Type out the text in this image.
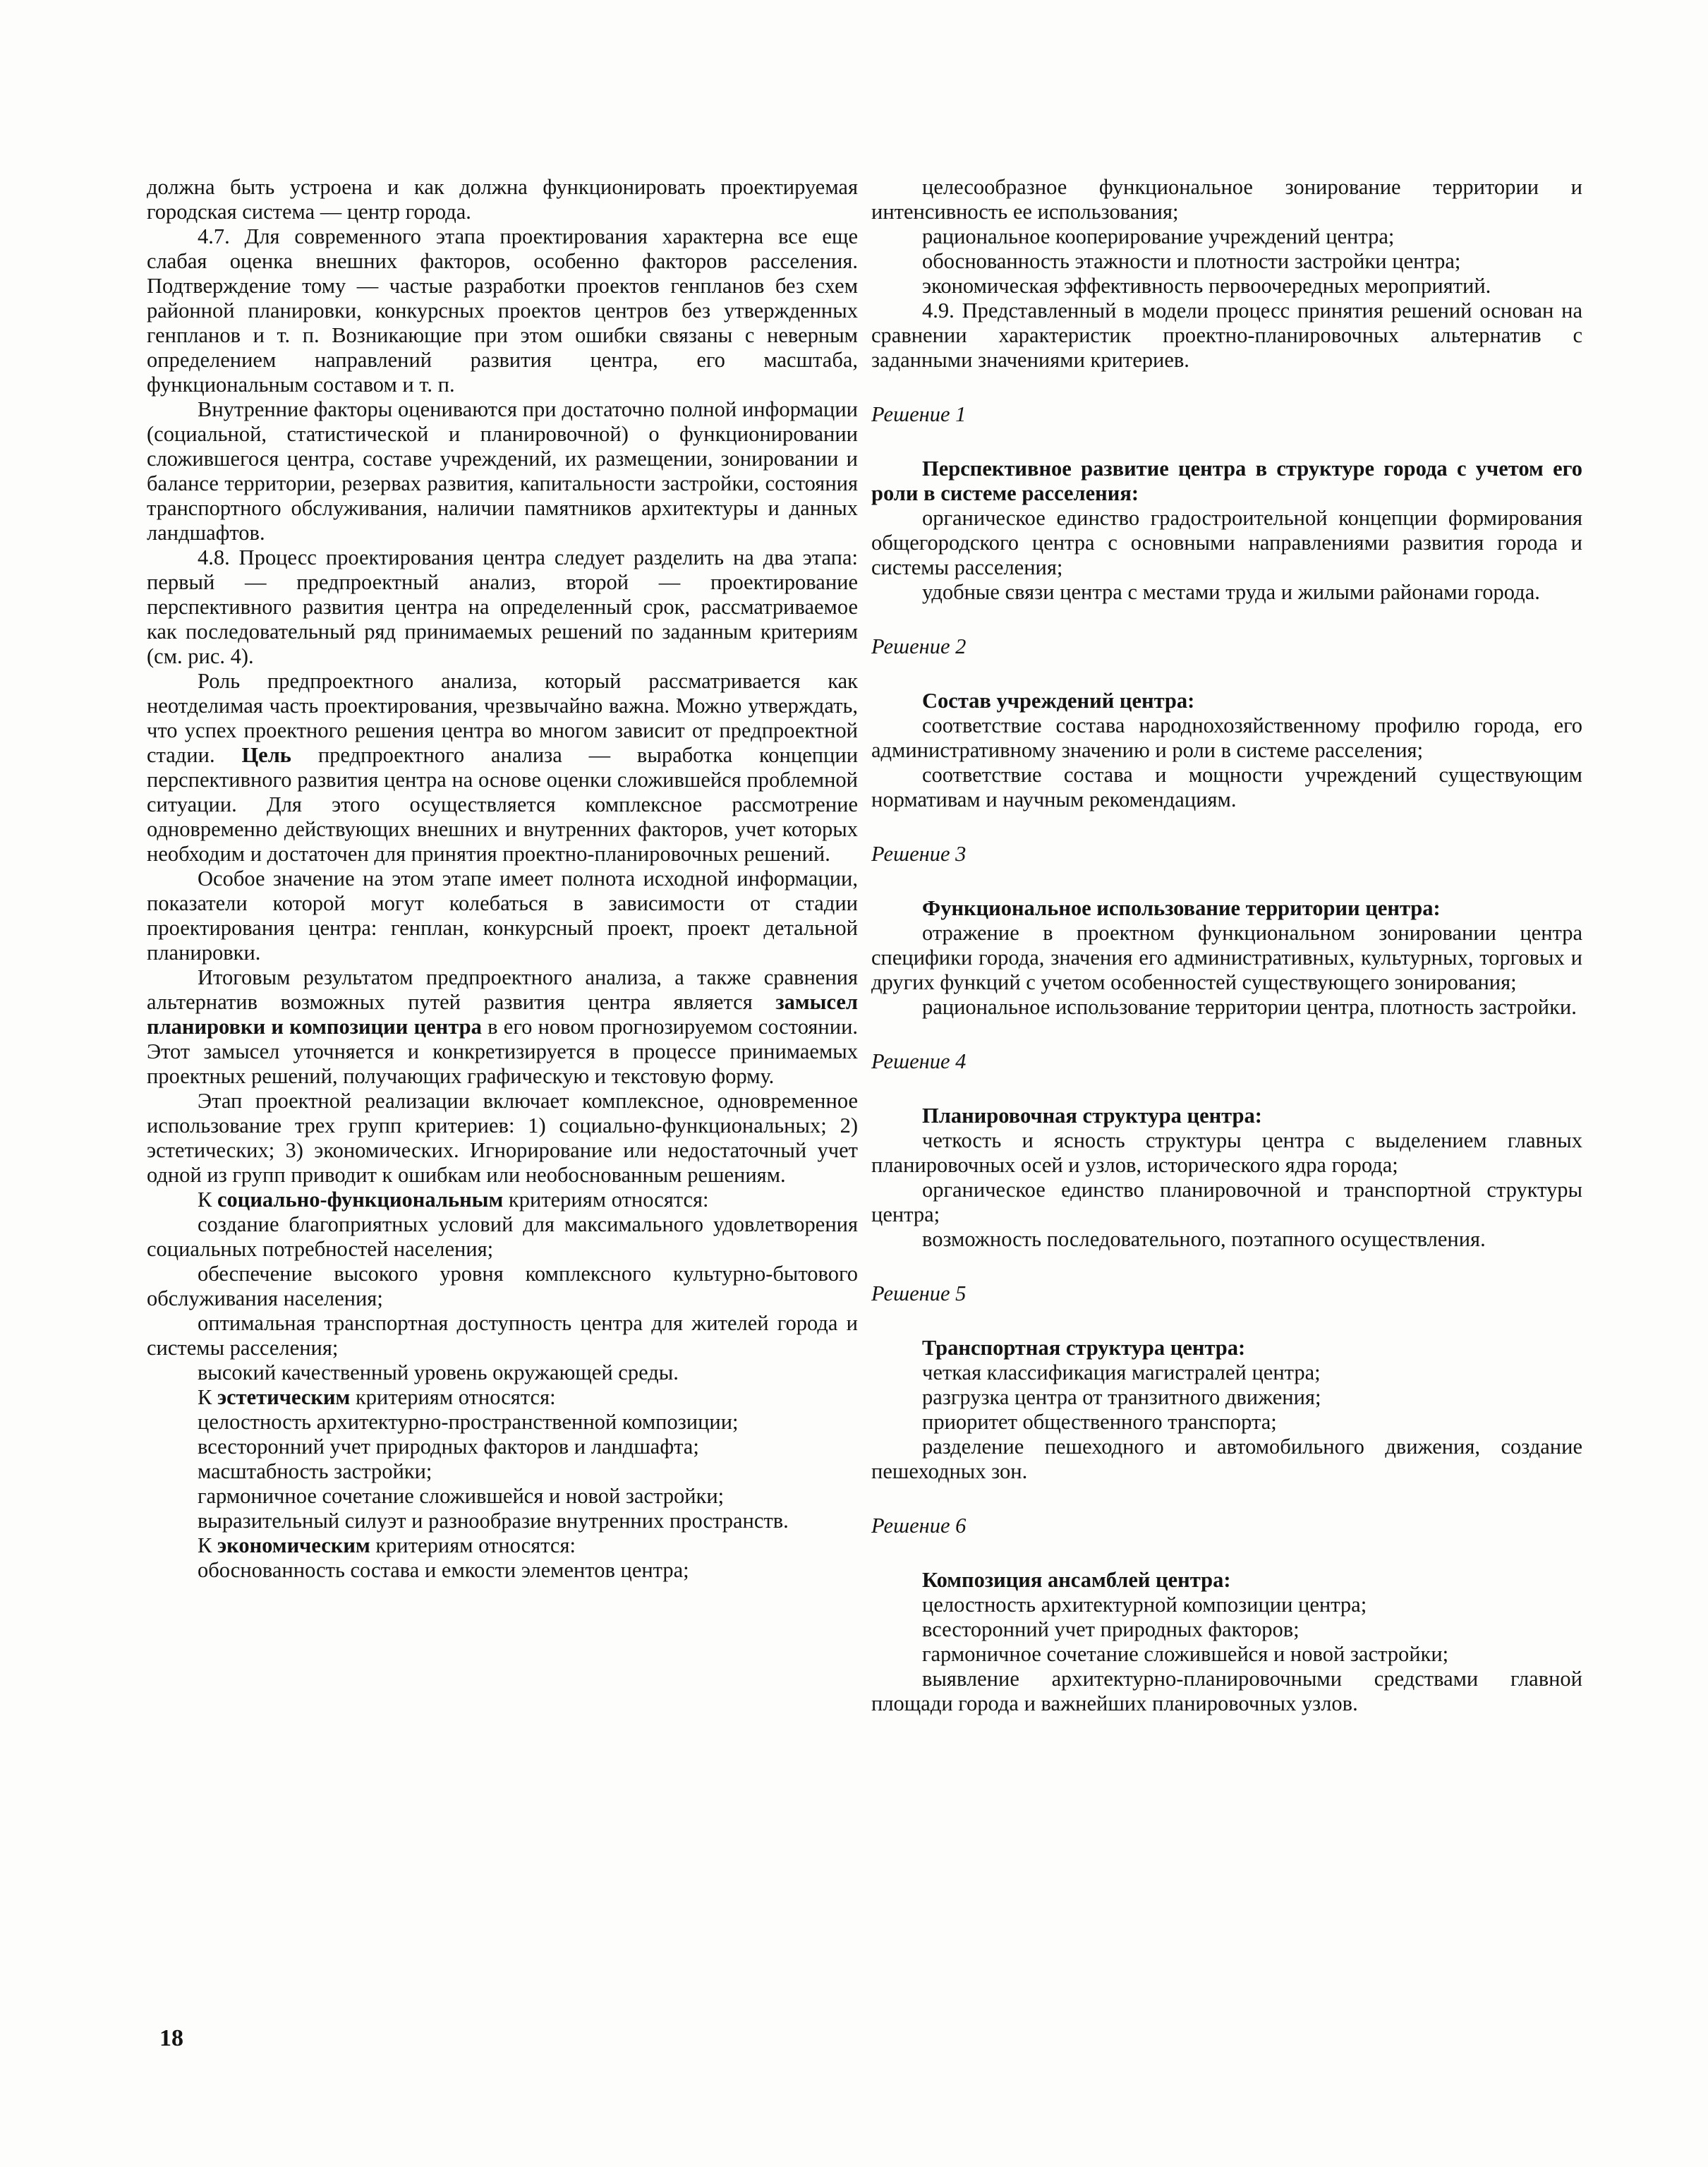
должна быть устроена и как должна функционировать проектируемая городская система — центр города.

4.7. Для современного этапа проектирования характерна все еще слабая оценка внешних факторов, особенно факторов расселения. Подтверждение тому — частые разработки проектов генпланов без схем районной планировки, конкурсных проектов центров без утвержденных генпланов и т. п. Возникающие при этом ошибки связаны с неверным определением направлений развития центра, его масштаба, функциональным составом и т. п.

Внутренние факторы оцениваются при достаточно полной информации (социальной, статистической и планировочной) о функционировании сложившегося центра, составе учреждений, их размещении, зонировании и балансе территории, резервах развития, капитальности застройки, состояния транспортного обслуживания, наличии памятников архитектуры и данных ландшафтов.

4.8. Процесс проектирования центра следует разделить на два этапа: первый — предпроектный анализ, второй — проектирование перспективного развития центра на определенный срок, рассматриваемое как последовательный ряд принимаемых решений по заданным критериям (см. рис. 4).

Роль предпроектного анализа, который рассматривается как неотделимая часть проектирования, чрезвычайно важна. Можно утверждать, что успех проектного решения центра во многом зависит от предпроектной стадии. Цель предпроектного анализа — выработка концепции перспективного развития центра на основе оценки сложившейся проблемной ситуации. Для этого осуществляется комплексное рассмотрение одновременно действующих внешних и внутренних факторов, учет которых необходим и достаточен для принятия проектно-планировочных решений.

Особое значение на этом этапе имеет полнота исходной информации, показатели которой могут колебаться в зависимости от стадии проектирования центра: генплан, конкурсный проект, проект детальной планировки.

Итоговым результатом предпроектного анализа, а также сравнения альтернатив возможных путей развития центра является замысел планировки и композиции центра в его новом прогнозируемом состоянии. Этот замысел уточняется и конкретизируется в процессе принимаемых проектных решений, получающих графическую и текстовую форму.

Этап проектной реализации включает комплексное, одновременное использование трех групп критериев: 1) социально-функциональных; 2) эстетических; 3) экономических. Игнорирование или недостаточный учет одной из групп приводит к ошибкам или необоснованным решениям.

К социально-функциональным критериям относятся:

создание благоприятных условий для максимального удовлетворения социальных потребностей населения;

обеспечение высокого уровня комплексного культурно-бытового обслуживания населения;

оптимальная транспортная доступность центра для жителей города и системы расселения;

высокий качественный уровень окружающей среды.

К эстетическим критериям относятся:

целостность архитектурно-пространственной композиции;

всесторонний учет природных факторов и ландшафта;

масштабность застройки;

гармоничное сочетание сложившейся и новой застройки;

выразительный силуэт и разнообразие внутренних пространств.

К экономическим критериям относятся:

обоснованность состава и емкости элементов центра;

целесообразное функциональное зонирование территории и интенсивность ее использования;

рациональное кооперирование учреждений центра;

обоснованность этажности и плотности застройки центра;

экономическая эффективность первоочередных мероприятий.

4.9. Представленный в модели процесс принятия решений основан на сравнении характеристик проектно-планировочных альтернатив с заданными значениями критериев.

Решение 1

Перспективное развитие центра в структуре города с учетом его роли в системе расселения:

органическое единство градостроительной концепции формирования общегородского центра с основными направлениями развития города и системы расселения;

удобные связи центра с местами труда и жилыми районами города.

Решение 2

Состав учреждений центра:

соответствие состава народнохозяйственному профилю города, его административному значению и роли в системе расселения;

соответствие состава и мощности учреждений существующим нормативам и научным рекомендациям.

Решение 3

Функциональное использование территории центра:

отражение в проектном функциональном зонировании центра специфики города, значения его административных, культурных, торговых и других функций с учетом особенностей существующего зонирования;

рациональное использование территории центра, плотность застройки.

Решение 4

Планировочная структура центра:

четкость и ясность структуры центра с выделением главных планировочных осей и узлов, исторического ядра города;

органическое единство планировочной и транспортной структуры центра;

возможность последовательного, поэтапного осуществления.

Решение 5

Транспортная структура центра:

четкая классификация магистралей центра;

разгрузка центра от транзитного движения;

приоритет общественного транспорта;

разделение пешеходного и автомобильного движения, создание пешеходных зон.

Решение 6

Композиция ансамблей центра:

целостность архитектурной композиции центра;

всесторонний учет природных факторов;

гармоничное сочетание сложившейся и новой застройки;

выявление архитектурно-планировочными средствами главной площади города и важнейших планировочных узлов.

18
